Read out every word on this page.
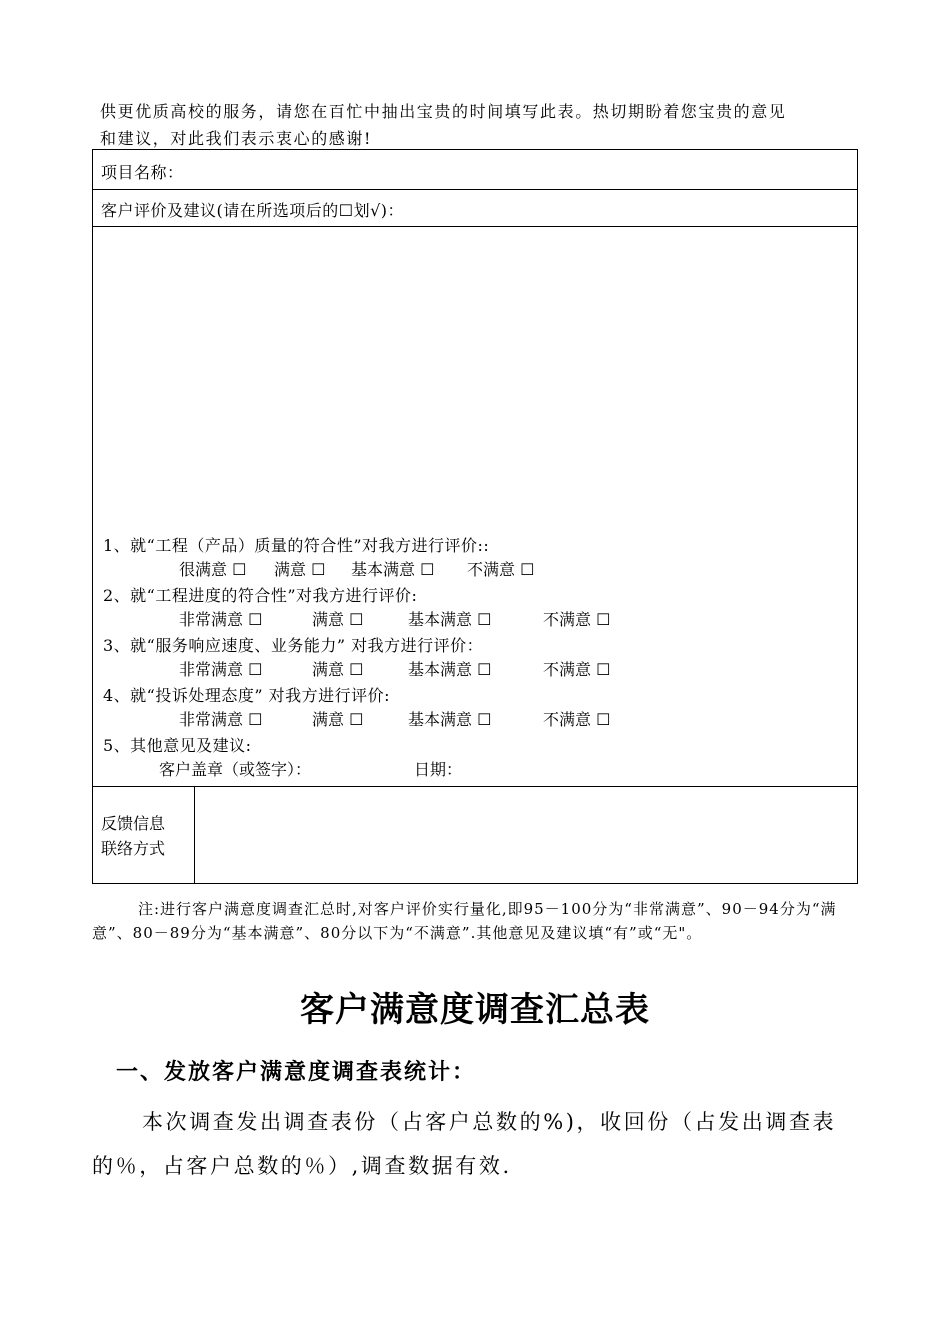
供更优质高校的服务，请您在百忙中抽出宝贵的时间填写此表。热切期盼着您宝贵的意见
和建议，对此我们表示衷心的感谢!
项目名称：
客户评价及建议(请在所选项后的☐划√)：
1、就“工程（产品）质量的符合性”对我方进行评价::
很满意 ☐ 满意 ☐ 基本满意 ☐ 不满意 ☐
2、就“工程进度的符合性”对我方进行评价:
非常满意 ☐	满意 ☐	基本满意 ☐	不满意 ☐
3、就“服务响应速度、业务能力” 对我方进行评价：
非常满意 ☐	满意 ☐	基本满意 ☐	不满意 ☐
4、就“投诉处理态度” 对我方进行评价:
非常满意 ☐	满意 ☐	基本满意 ☐	不满意 ☐
5、其他意见及建议:
客户盖章（或签字）：	日期：
反馈信息
联络方式

注:进行客户满意度调查汇总时,对客户评价实行量化,即95－100分为“非常满意”、90－94分为“满意”、80－89分为“基本满意”、80分以下为“不满意”.其他意见及建议填“有”或“无"。

客户满意度调查汇总表
一、发放客户满意度调查表统计：

本次调查发出调查表份（占客户总数的%)，收回份（占发出调查表的％，占客户总数的％）,调查数据有效.
